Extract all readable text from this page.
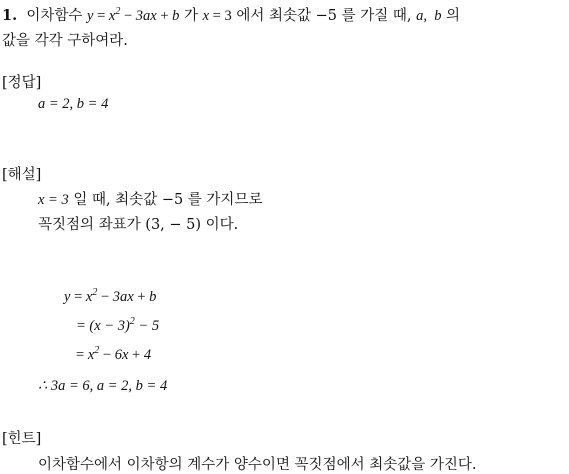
1. 이차함수 $y = x^2 - 3ax + b$ 가 x = 3 에서 최솟값 −5 를 가질 때, a,  b 의
값을 각각 구하여라.
[정답]
a = 2, b = 4
[해설]
x = 3 일 때, 최솟값 −5 를 가지므로
꼭짓점의 좌표가 (3, − 5) 이다.
$y = x^2 - 3ax + b$
= $(x - 3)^2 - 5$
= $x^2 - 6x + 4$
∴ 3a = 6, a = 2, b = 4
[힌트]
이차함수에서 이차항의 계수가 양수이면 꼭짓점에서 최솟값을 가진다.
